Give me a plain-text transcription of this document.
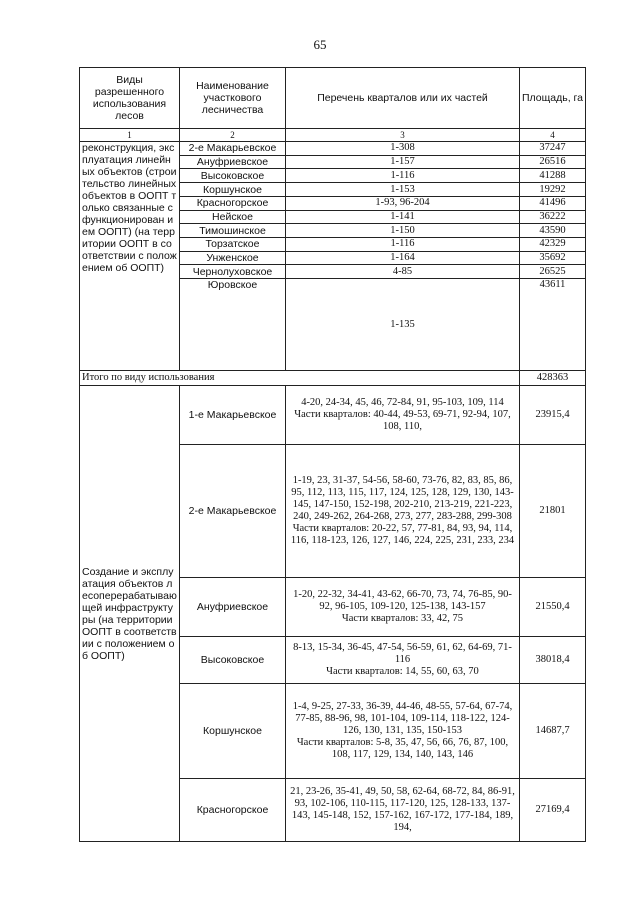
65
Виды разрешенного использования лесов	Наименование участкового лесничества	Перечень кварталов или их частей	Площадь, га
1	2	3	4
реконструкция, эксплуатация линейных объектов (строительство линейных объектов в ООПТ только связанные с функционирован ием ООПТ) (на территории ООПТ в соответствии с положением об ООПТ)	2-е Макарьевское	1-308	37247
	Ануфриевское	1-157	26516
	Высоковское	1-116	41288
	Коршунское	1-153	19292
	Красногорское	1-93, 96-204	41496
	Нейское	1-141	36222
	Тимошинское	1-150	43590
	Торзатское	1-116	42329
	Унженское	1-164	35692
	Чернолуховское	4-85	26525
	Юровское	1-135	43611
Итого по виду использования			428363
Создание и эксплуатация объектов лесоперерабатывающей инфраструктуры (на территории ООПТ в соответствии с положением об ООПТ)	1-е Макарьевское	4-20, 24-34, 45, 46, 72-84, 91, 95-103, 109, 114
Части кварталов: 40-44, 49-53, 69-71, 92-94, 107, 108, 110,	23915,4
	2-е Макарьевское	1-19, 23, 31-37, 54-56, 58-60, 73-76, 82, 83, 85, 86, 95, 112, 113, 115, 117, 124, 125, 128, 129, 130, 143-145, 147-150, 152-198, 202-210, 213-219, 221-223, 240, 249-262, 264-268, 273, 277, 283-288, 299-308
Части кварталов: 20-22, 57, 77-81, 84, 93, 94, 114, 116, 118-123, 126, 127, 146, 224, 225, 231, 233, 234	21801
	Ануфриевское	1-20, 22-32, 34-41, 43-62, 66-70, 73, 74, 76-85, 90-92, 96-105, 109-120, 125-138, 143-157
Части кварталов: 33, 42, 75	21550,4
	Высоковское	8-13, 15-34, 36-45, 47-54, 56-59, 61, 62, 64-69, 71-116
Части кварталов: 14, 55, 60, 63, 70	38018,4
	Коршунское	1-4, 9-25, 27-33, 36-39, 44-46, 48-55, 57-64, 67-74, 77-85, 88-96, 98, 101-104, 109-114, 118-122, 124-126, 130, 131, 135, 150-153
Части кварталов: 5-8, 35, 47, 56, 66, 76, 87, 100, 108, 117, 129, 134, 140, 143, 146	14687,7
	Красногорское	21, 23-26, 35-41, 49, 50, 58, 62-64, 68-72, 84, 86-91, 93, 102-106, 110-115, 117-120, 125, 128-133, 137-143, 145-148, 152, 157-162, 167-172, 177-184, 189, 194,	27169,4
